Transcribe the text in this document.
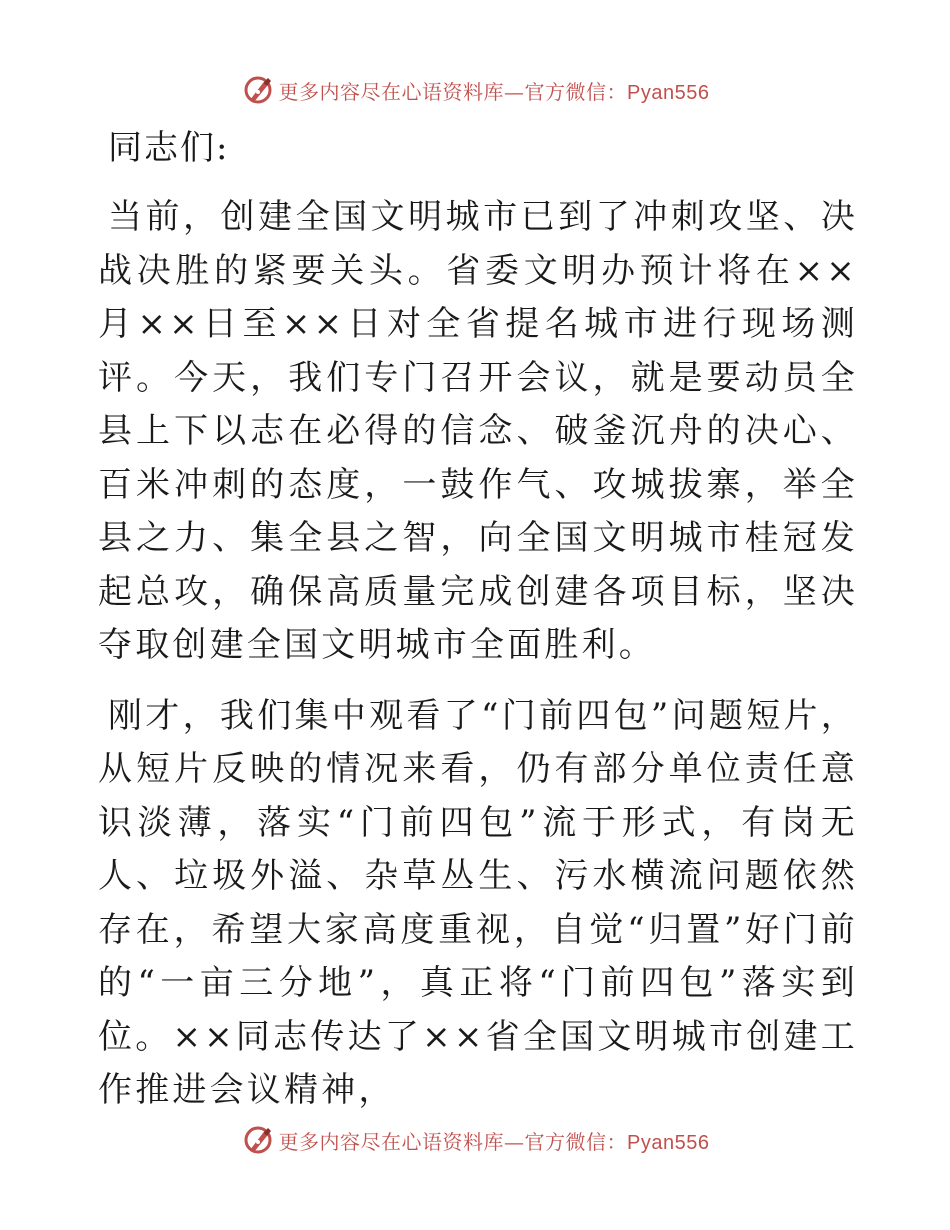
更多内容尽在心语资料库—官方微信：Pyan556

同志们:

当前，创建全国文明城市已到了冲刺攻坚、决战决胜的紧要关头。省委文明办预计将在××月××日至××日对全省提名城市进行现场测评。今天，我们专门召开会议，就是要动员全县上下以志在必得的信念、破釜沉舟的决心、百米冲刺的态度，一鼓作气、攻城拔寨，举全县之力、集全县之智，向全国文明城市桂冠发起总攻，确保高质量完成创建各项目标，坚决夺取创建全国文明城市全面胜利。

刚才，我们集中观看了“门前四包”问题短片，从短片反映的情况来看，仍有部分单位责任意识淡薄，落实“门前四包”流于形式，有岗无人、垃圾外溢、杂草丛生、污水横流问题依然存在，希望大家高度重视，自觉“归置”好门前的“一亩三分地”，真正将“门前四包”落实到位。××同志传达了××省全国文明城市创建工作推进会议精神，

更多内容尽在心语资料库—官方微信：Pyan556
